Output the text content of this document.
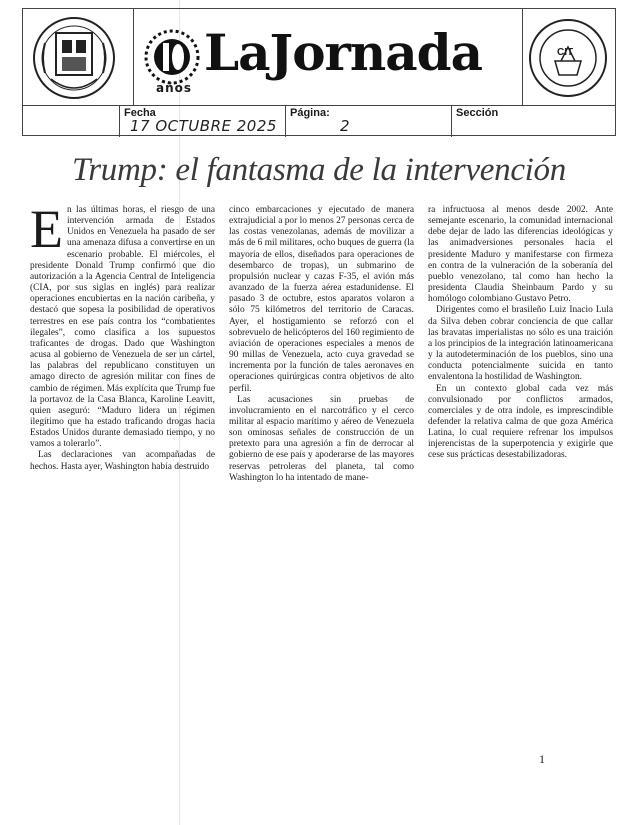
años
LaJornada	CIT
Fecha
17 OCTUBRE 2025
Página:
2
Sección
Trump: el fantasma de la intervención

En las últimas horas, el riesgo de una intervención armada de Estados Unidos en Venezuela ha pasado de ser una amenaza difusa a convertirse en un escenario probable. El miércoles, el presidente Donald Trump confirmó que dio autorización a la Agencia Central de Inteligencia (CIA, por sus siglas en inglés) para realizar operaciones encubiertas en la nación caribeña, y destacó que sopesa la posibilidad de operativos terrestres en ese país contra los “combatientes ilegales”, como clasifica a los supuestos traficantes de drogas. Dado que Washington acusa al gobierno de Venezuela de ser un cártel, las palabras del republicano constituyen un amago directo de agresión militar con fines de cambio de régimen. Más explícita que Trump fue la portavoz de la Casa Blanca, Karoline Leavitt, quien aseguró: “Maduro lidera un régimen ilegítimo que ha estado traficando drogas hacia Estados Unidos durante demasiado tiempo, y no vamos a tolerarlo”.

Las declaraciones van acompañadas de hechos. Hasta ayer, Washington había destruido

cinco embarcaciones y ejecutado de manera extrajudicial a por lo menos 27 personas cerca de las costas venezolanas, además de movilizar a más de 6 mil militares, ocho buques de guerra (la mayoría de ellos, diseñados para operaciones de desembarco de tropas), un submarino de propulsión nuclear y cazas F-35, el avión más avanzado de la fuerza aérea estadunidense. El pasado 3 de octubre, estos aparatos volaron a sólo 75 kilómetros del territorio de Caracas. Ayer, el hostigamiento se reforzó con el sobrevuelo de helicópteros del 160 regimiento de aviación de operaciones especiales a menos de 90 millas de Venezuela, acto cuya gravedad se incrementa por la función de tales aeronaves en operaciones quirúrgicas contra objetivos de alto perfil.

Las acusaciones sin pruebas de involucramiento en el narcotráfico y el cerco militar al espacio marítimo y aéreo de Venezuela son ominosas señales de construcción de un pretexto para una agresión a fin de derrocar al gobierno de ese país y apoderarse de las mayores reservas petroleras del planeta, tal como Washington lo ha intentado de mane-

ra infructuosa al menos desde 2002. Ante semejante escenario, la comunidad internacional debe dejar de lado las diferencias ideológicas y las animadversiones personales hacia el presidente Maduro y manifestarse con firmeza en contra de la vulneración de la soberanía del pueblo venezolano, tal como han hecho la presidenta Claudia Sheinbaum Pardo y su homólogo colombiano Gustavo Petro.

Dirigentes como el brasileño Luiz Inacio Lula da Silva deben cobrar conciencia de que callar las bravatas imperialistas no sólo es una traición a los principios de la integración latinoamericana y la autodeterminación de los pueblos, sino una conducta potencialmente suicida en tanto envalentona la hostilidad de Washington.

En un contexto global cada vez más convulsionado por conflictos armados, comerciales y de otra índole, es imprescindible defender la relativa calma de que goza América Latina, lo cual requiere refrenar los impulsos injerencistas de la superpotencia y exigirle que cese sus prácticas desestabilizadoras.

1
